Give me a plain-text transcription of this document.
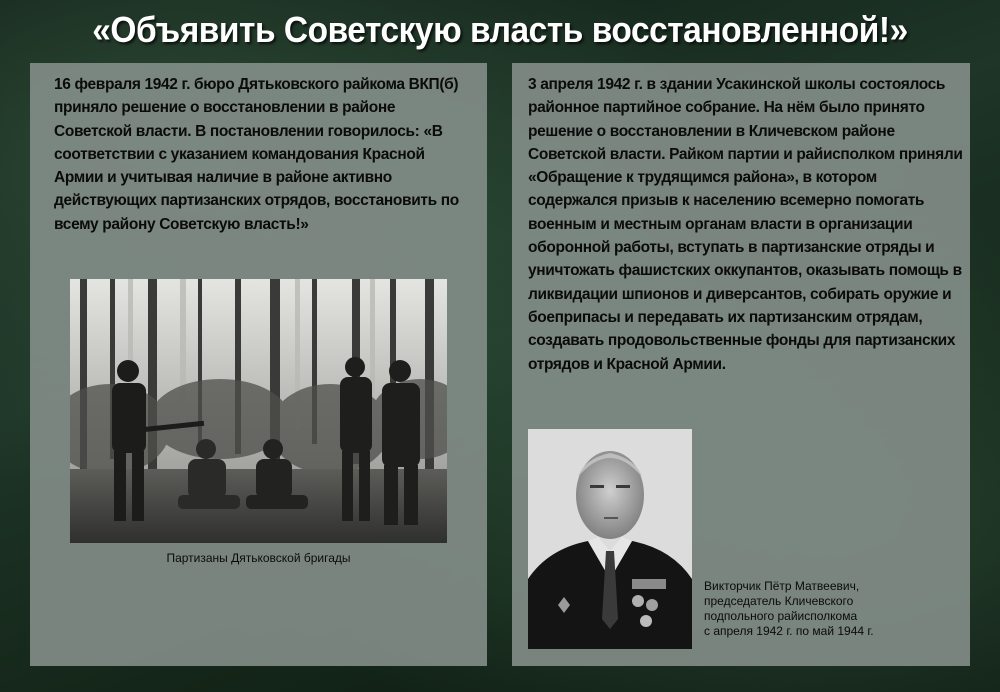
«Объявить Советскую власть восстановленной!»

16 февраля 1942 г. бюро Дятьковского райкома ВКП(б) приняло решение о восстановлении в районе Советской власти. В постановлении говорилось: «В соответствии с указанием командования Красной Армии и учитывая наличие в районе активно действующих партизанских отрядов, восстановить по всему району Советскую власть!»

Партизаны Дятьковской бригады

3 апреля 1942 г. в здании Усакинской школы состоялось районное партийное собрание. На нём было принято решение о восстановлении в Кличевском районе Советской власти. Райком партии и райисполком приняли «Обращение к трудящимся района», в котором содержался призыв к населению всемерно помогать военным и местным органам власти в организации оборонной работы, вступать в партизанские отряды и уничтожать фашистских оккупантов, оказывать помощь в ликвидации шпионов и диверсантов, собирать оружие и боеприпасы и передавать их партизанским отрядам, создавать продовольственные фонды для партизанских отрядов и Красной Армии.

Викторчик Пётр Матвеевич,
председатель Кличевского
подпольного райисполкома
с апреля 1942 г. по май 1944 г.
